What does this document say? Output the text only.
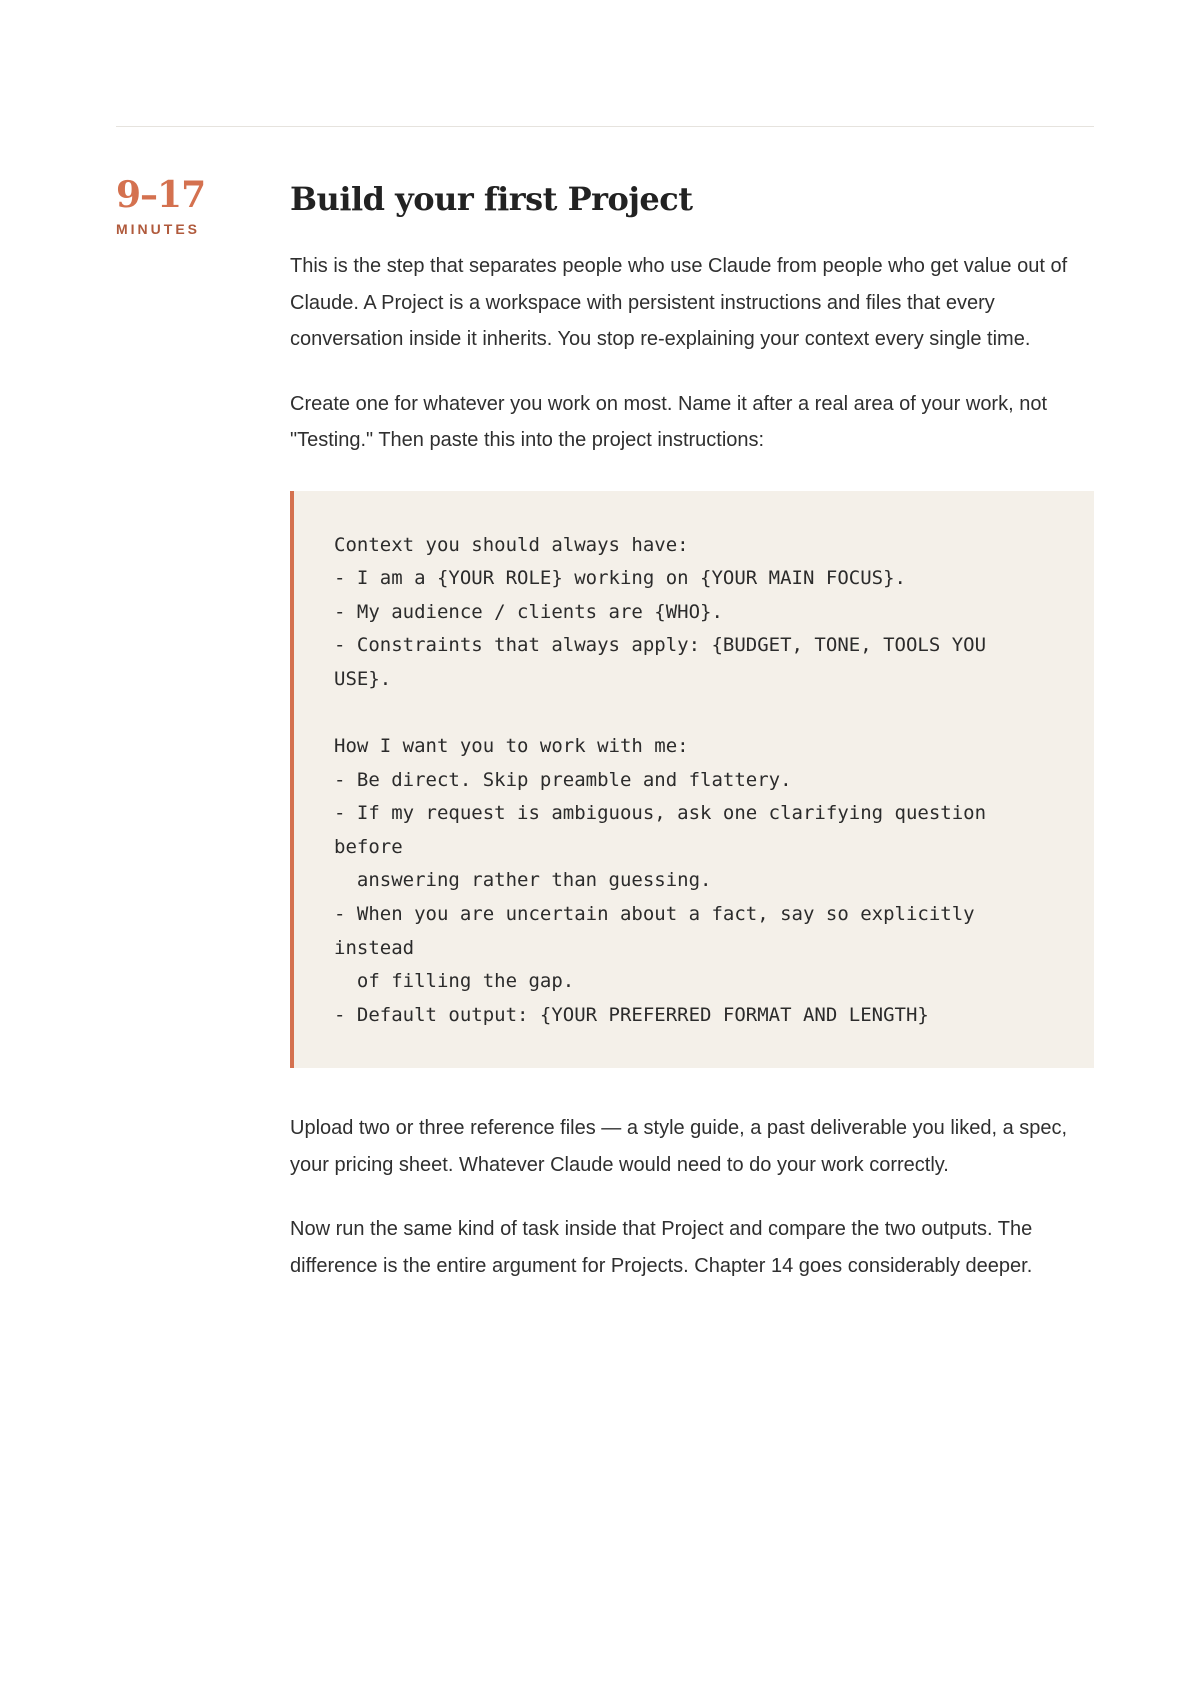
9–17
MINUTES
Build your first Project

This is the step that separates people who use Claude from people who get value out of Claude. A Project is a workspace with persistent instructions and files that every conversation inside it inherits. You stop re-explaining your context every single time.

Create one for whatever you work on most. Name it after a real area of your work, not "Testing." Then paste this into the project instructions:

Context you should always have:
- I am a {YOUR ROLE} working on {YOUR MAIN FOCUS}.
- My audience / clients are {WHO}.
- Constraints that always apply: {BUDGET, TONE, TOOLS YOU
USE}.

How I want you to work with me:
- Be direct. Skip preamble and flattery.
- If my request is ambiguous, ask one clarifying question
before
answering rather than guessing.
- When you are uncertain about a fact, say so explicitly
instead
of filling the gap.
- Default output: {YOUR PREFERRED FORMAT AND LENGTH}

Upload two or three reference files — a style guide, a past deliverable you liked, a spec, your pricing sheet. Whatever Claude would need to do your work correctly.

Now run the same kind of task inside that Project and compare the two outputs. The difference is the entire argument for Projects. Chapter 14 goes considerably deeper.
